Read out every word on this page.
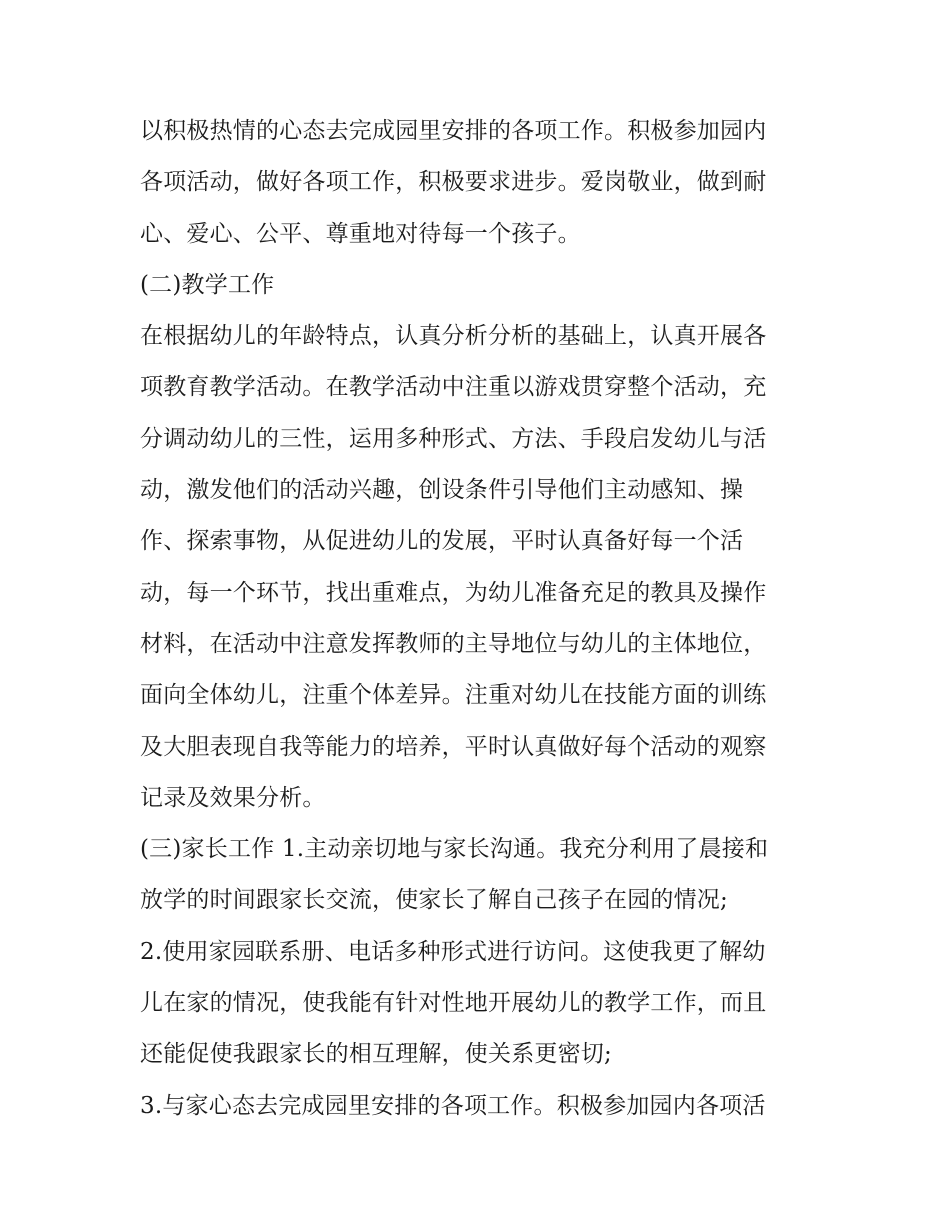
以积极热情的心态去完成园里安排的各项工作。积极参加园内
各项活动，做好各项工作，积极要求进步。爱岗敬业，做到耐
心、爱心、公平、尊重地对待每一个孩子。
(二)教学工作
在根据幼儿的年龄特点，认真分析分析的基础上，认真开展各
项教育教学活动。在教学活动中注重以游戏贯穿整个活动，充
分调动幼儿的三性，运用多种形式、方法、手段启发幼儿与活
动，激发他们的活动兴趣，创设条件引导他们主动感知、操
作、探索事物，从促进幼儿的发展，平时认真备好每一个活
动，每一个环节，找出重难点，为幼儿准备充足的教具及操作
材料，在活动中注意发挥教师的主导地位与幼儿的主体地位，
面向全体幼儿，注重个体差异。注重对幼儿在技能方面的训练
及大胆表现自我等能力的培养，平时认真做好每个活动的观察
记录及效果分析。
(三)家长工作 1.主动亲切地与家长沟通。我充分利用了晨接和
放学的时间跟家长交流，使家长了解自己孩子在园的情况;
2.使用家园联系册、电话多种形式进行访问。这使我更了解幼
儿在家的情况，使我能有针对性地开展幼儿的教学工作，而且
还能促使我跟家长的相互理解，使关系更密切;
3.与家心态去完成园里安排的各项工作。积极参加园内各项活
